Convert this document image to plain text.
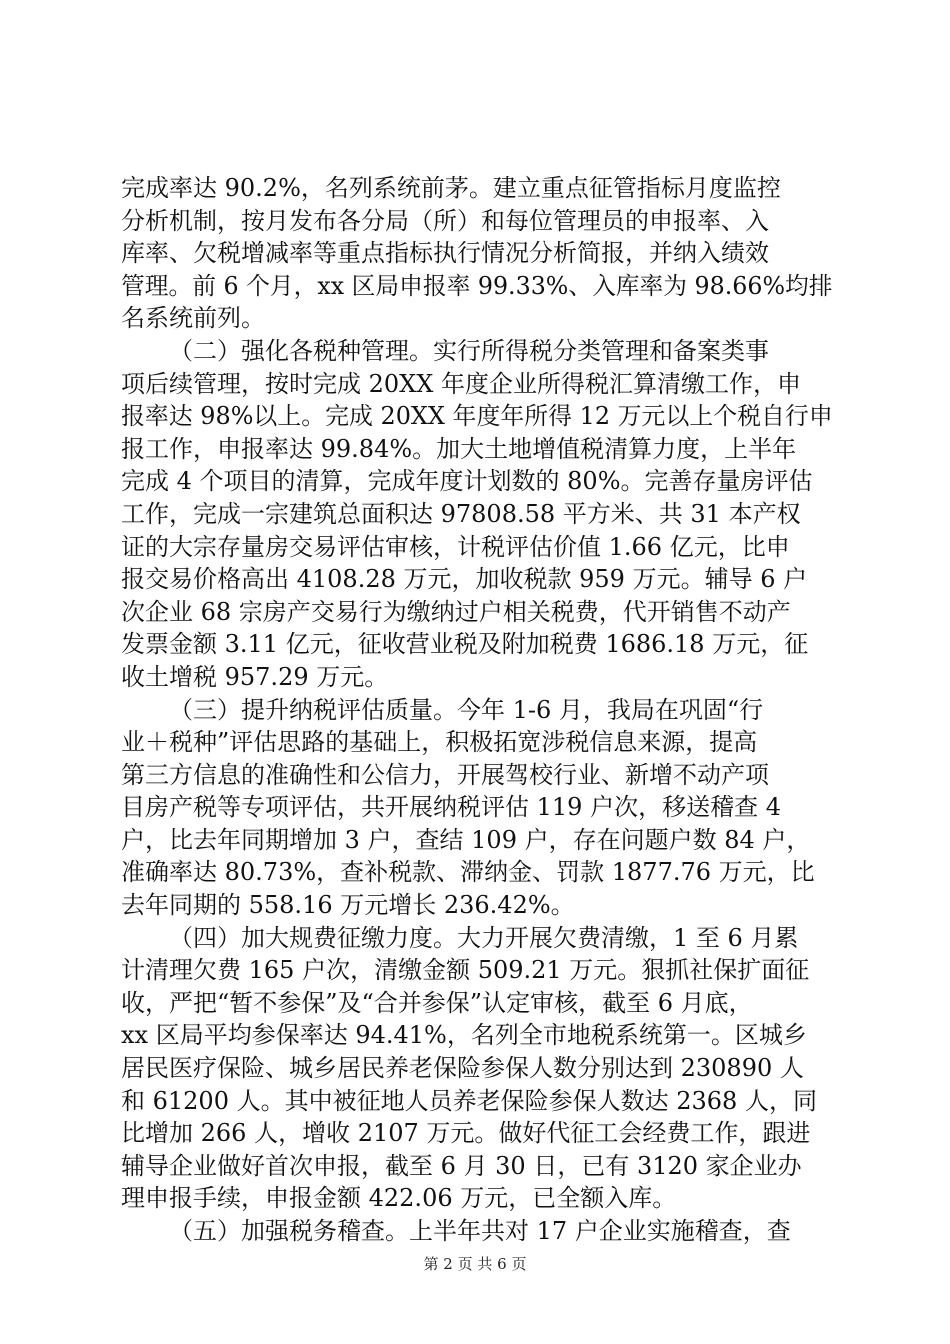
完成率达 90.2%，名列系统前茅。建立重点征管指标月度监控
分析机制，按月发布各分局（所）和每位管理员的申报率、入
库率、欠税增减率等重点指标执行情况分析简报，并纳入绩效
管理。前 6 个月，xx 区局申报率 99.33%、入库率为 98.66%均排
名系统前列。
（二）强化各税种管理。实行所得税分类管理和备案类事
项后续管理，按时完成 20XX 年度企业所得税汇算清缴工作，申
报率达 98%以上。完成 20XX 年度年所得 12 万元以上个税自行申
报工作，申报率达 99.84%。加大土地增值税清算力度，上半年
完成 4 个项目的清算，完成年度计划数的 80%。完善存量房评估
工作，完成一宗建筑总面积达 97808.58 平方米、共 31 本产权
证的大宗存量房交易评估审核，计税评估价值 1.66 亿元，比申
报交易价格高出 4108.28 万元，加收税款 959 万元。辅导 6 户
次企业 68 宗房产交易行为缴纳过户相关税费，代开销售不动产
发票金额 3.11 亿元，征收营业税及附加税费 1686.18 万元，征
收土增税 957.29 万元。
（三）提升纳税评估质量。今年 1-6 月，我局在巩固“行
业＋税种”评估思路的基础上，积极拓宽涉税信息来源，提高
第三方信息的准确性和公信力，开展驾校行业、新增不动产项
目房产税等专项评估，共开展纳税评估 119 户次，移送稽查 4
户，比去年同期增加 3 户，查结 109 户，存在问题户数 84 户，
准确率达 80.73%，查补税款、滞纳金、罚款 1877.76 万元，比
去年同期的 558.16 万元增长 236.42%。
（四）加大规费征缴力度。大力开展欠费清缴，1 至 6 月累
计清理欠费 165 户次，清缴金额 509.21 万元。狠抓社保扩面征
收，严把“暂不参保”及“合并参保”认定审核，截至 6 月底，
xx 区局平均参保率达 94.41%，名列全市地税系统第一。区城乡
居民医疗保险、城乡居民养老保险参保人数分别达到 230890 人
和 61200 人。其中被征地人员养老保险参保人数达 2368 人，同
比增加 266 人，增收 2107 万元。做好代征工会经费工作，跟进
辅导企业做好首次申报，截至 6 月 30 日，已有 3120 家企业办
理申报手续，申报金额 422.06 万元，已全额入库。
（五）加强税务稽查。上半年共对 17 户企业实施稽查，查
第 2 页 共 6 页
